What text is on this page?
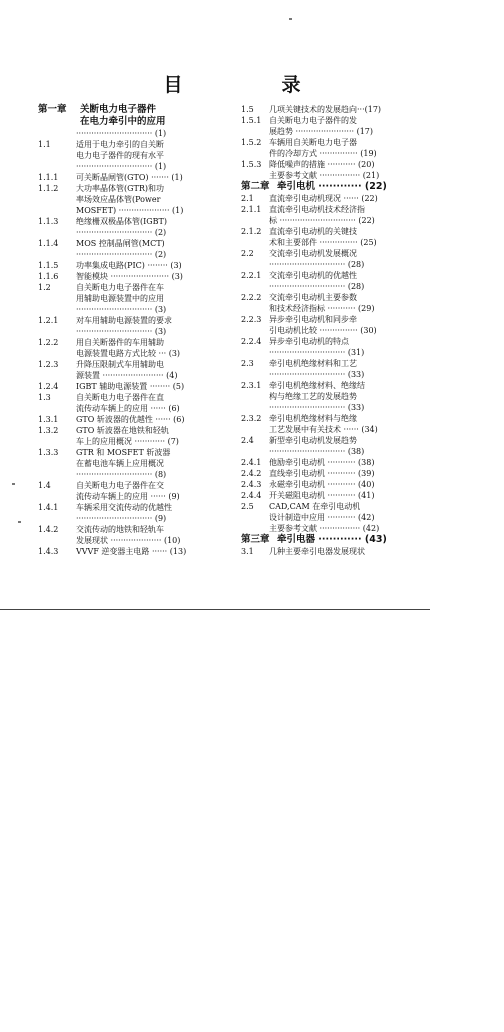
目　录
第一章	关断电力电子器件
在电力牵引中的应用
······························ (1)
1.1	适用于电力牵引的自关断
电力电子器件的现有水平
······························ (1)
1.1.1	可关断晶闸管(GTO) ······· (1)
1.1.2	大功率晶体管(GTR)和功
率场效应晶体管(Power
MOSFET) ···················· (1)
1.1.3	绝缘栅双极晶体管(IGBT)
······························ (2)
1.1.4	MOS 控制晶闸管(MCT)
······························ (2)
1.1.5	功率集成电路(PIC) ········ (3)
1.1.6	智能模块 ······················· (3)
1.2	自关断电力电子器件在车
用辅助电源装置中的应用
······························ (3)
1.2.1	对车用辅助电源装置的要求
······························ (3)
1.2.2	用自关断器件的车用辅助
电源装置电路方式比较 ··· (3)
1.2.3	升降压限制式车用辅助电
源装置 ························ (4)
1.2.4	IGBT 辅助电源装置 ········ (5)
1.3	自关断电力电子器件在直
流传动车辆上的应用 ······ (6)
1.3.1	GTO 斩波器的优越性 ······ (6)
1.3.2	GTO 斩波器在地铁和轻轨
车上的应用概况 ············ (7)
1.3.3	GTR 和 MOSFET 斩波器
在蓄电池车辆上应用概况
······························ (8)
1.4	自关断电力电子器件在交
流传动车辆上的应用 ······ (9)
1.4.1	车辆采用交流传动的优越性
······························ (9)
1.4.2	交流传动的地铁和轻轨车
发展现状 ···················· (10)
1.4.3	VVVF 逆变器主电路 ······ (13)
1.5	几项关键技术的发展趋向···(17)
1.5.1 自关断电力电子器件的发
展趋势 ······················· (17)
1.5.2 车辆用自关断电力电子器
件的冷却方式 ··············· (19)
1.5.3 降低噪声的措施 ··········· (20)
主要参考文献 ················ (21)
第二章 牵引电机 ············ (22)
2.1	直流牵引电动机现况 ······ (22)
2.1.1 直流牵引电动机技术经济指
标 ······························ (22)
2.1.2 直流牵引电动机的关键技
术和主要部件 ··············· (25)
2.2	交流牵引电动机发展概况
······························ (28)
2.2.1 交流牵引电动机的优越性
······························ (28)
2.2.2 交流牵引电动机主要参数
和技术经济指标 ··········· (29)
2.2.3 异步牵引电动机和同步牵
引电动机比较 ··············· (30)
2.2.4 异步牵引电动机的特点
······························ (31)
2.3	牵引电机绝缘材料和工艺
······························ (33)
2.3.1 牵引电机绝缘材料、绝缘结
构与绝缘工艺的发展趋势
······························ (33)
2.3.2 牵引电机绝缘材料与绝缘
工艺发展中有关技术 ······ (34)
2.4	新型牵引电动机发展趋势
······························ (38)
2.4.1 他励牵引电动机 ··········· (38)
2.4.2 直线牵引电动机 ··········· (39)
2.4.3 永磁牵引电动机 ··········· (40)
2.4.4 开关磁阻电动机 ··········· (41)
2.5	CAD,CAM 在牵引电动机
设计制造中应用 ··········· (42)
主要参考文献 ················ (42)
第三章 牵引电器 ············ (43)
3.1	几种主要牵引电器发展现状
